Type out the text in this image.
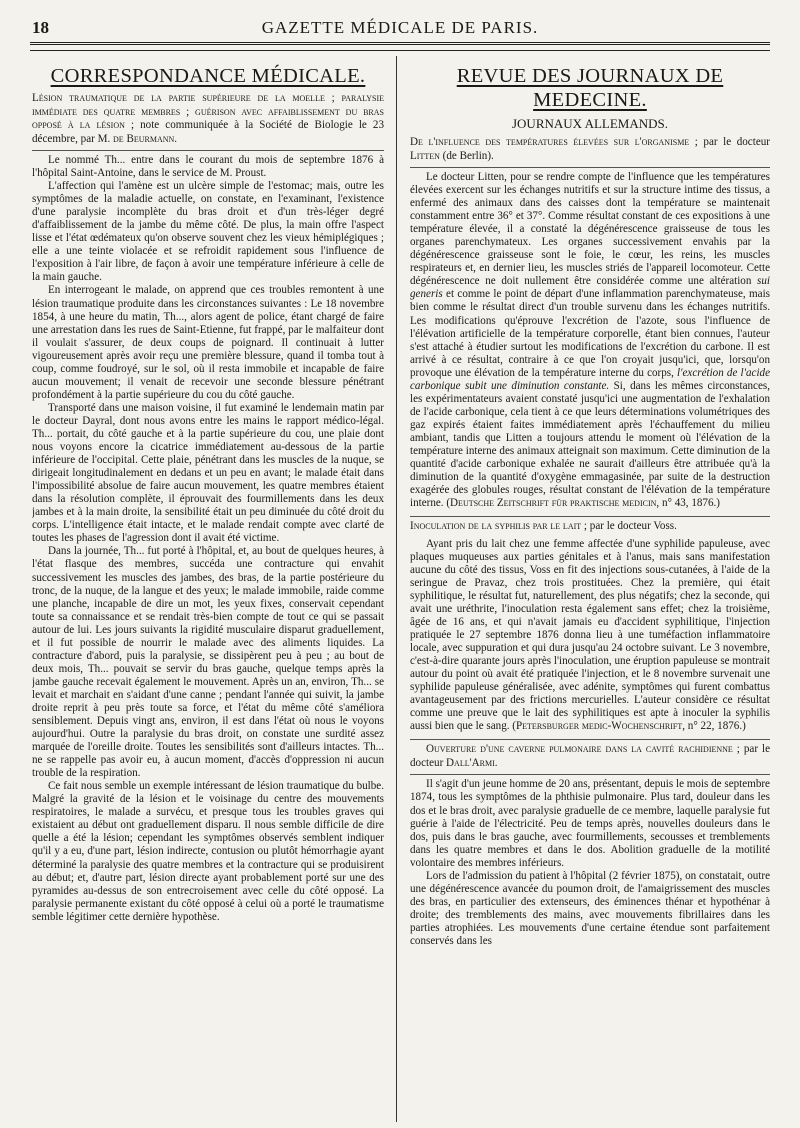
18	GAZETTE MÉDICALE DE PARIS.
CORRESPONDANCE MÉDICALE.

Lésion traumatique de la partie supérieure de la moelle ; paralysie immédiate des quatre membres ; guérison avec affaiblissement du bras opposé à la lésion ; note communiquée à la Société de Biologie le 23 décembre, par M. de Beurmann.

Le nommé Th... entre dans le courant du mois de septembre 1876 à l'hôpital Saint-Antoine, dans le service de M. Proust.

L'affection qui l'amène est un ulcère simple de l'estomac; mais, outre les symptômes de la maladie actuelle, on constate, en l'examinant, l'existence d'une paralysie incomplète du bras droit et d'un très-léger degré d'affaiblissement de la jambe du même côté. De plus, la main offre l'aspect lisse et l'état œdémateux qu'on observe souvent chez les vieux hémiplégiques ; elle a une teinte violacée et se refroidit rapidement sous l'influence de l'exposition à l'air libre, de façon à avoir une température inférieure à celle de la main gauche.

En interrogeant le malade, on apprend que ces troubles remontent à une lésion traumatique produite dans les circonstances suivantes : Le 18 novembre 1854, à une heure du matin, Th..., alors agent de police, étant chargé de faire une arrestation dans les rues de Saint-Etienne, fut frappé, par le malfaiteur dont il voulait s'assurer, de deux coups de poignard. Il continuait à lutter vigoureusement après avoir reçu une première blessure, quand il tomba tout à coup, comme foudroyé, sur le sol, où il resta immobile et incapable de faire aucun mouvement; il venait de recevoir une seconde blessure pénétrant profondément à la partie supérieure du cou du côté gauche.

Transporté dans une maison voisine, il fut examiné le lendemain matin par le docteur Dayral, dont nous avons entre les mains le rapport médico-légal. Th... portait, du côté gauche et à la partie supérieure du cou, une plaie dont nous voyons encore la cicatrice immédiatement au-dessous de la partie inférieure de l'occipital. Cette plaie, pénétrant dans les muscles de la nuque, se dirigeait longitudinalement en dedans et un peu en avant; le malade était dans l'impossibilité absolue de faire aucun mouvement, les quatre membres étaient dans la résolution complète, il éprouvait des fourmillements dans les deux jambes et à la main droite, la sensibilité était un peu diminuée du côté droit du corps. L'intelligence était intacte, et le malade rendait compte avec clarté de toutes les phases de l'agression dont il avait été victime.

Dans la journée, Th... fut porté à l'hôpital, et, au bout de quelques heures, à l'état flasque des membres, succéda une contracture qui envahit successivement les muscles des jambes, des bras, de la partie postérieure du tronc, de la nuque, de la langue et des yeux; le malade immobile, raide comme une planche, incapable de dire un mot, les yeux fixes, conservait cependant toute sa connaissance et se rendait très-bien compte de tout ce qui se passait autour de lui. Les jours suivants la rigidité musculaire disparut graduellement, et il fut possible de nourrir le malade avec des aliments liquides. La contracture d'abord, puis la paralysie, se dissipèrent peu à peu ; au bout de deux mois, Th... pouvait se servir du bras gauche, quelque temps après la jambe gauche recevait également le mouvement. Après un an, environ, Th... se levait et marchait en s'aidant d'une canne ; pendant l'année qui suivit, la jambe droite reprit à peu près toute sa force, et l'état du même côté s'améliora sensiblement. Depuis vingt ans, environ, il est dans l'état où nous le voyons aujourd'hui. Outre la paralysie du bras droit, on constate une surdité assez marquée de l'oreille droite. Toutes les sensibilités sont d'ailleurs intactes. Th... ne se rappelle pas avoir eu, à aucun moment, d'accès d'oppression ni aucun trouble de la respiration.

Ce fait nous semble un exemple intéressant de lésion traumatique du bulbe. Malgré la gravité de la lésion et le voisinage du centre des mouvements respiratoires, le malade a survécu, et presque tous les troubles graves qui existaient au début ont graduellement disparu. Il nous semble difficile de dire quelle a été la lésion; cependant les symptômes observés semblent indiquer qu'il y a eu, d'une part, lésion indirecte, contusion ou plutôt hémorrhagie ayant déterminé la paralysie des quatre membres et la contracture qui se produisirent au début; et, d'autre part, lésion directe ayant probablement porté sur une des pyramides au-dessus de son entrecroisement avec celle du côté opposé. La paralysie permanente existant du côté opposé à celui où a porté le traumatisme semble légitimer cette dernière hypothèse.

REVUE DES JOURNAUX DE MEDECINE.
JOURNAUX ALLEMANDS.

De l'influence des températures élevées sur l'organisme ; par le docteur Litten (de Berlin).

Le docteur Litten, pour se rendre compte de l'influence que les températures élevées exercent sur les échanges nutritifs et sur la structure intime des tissus, a enfermé des animaux dans des caisses dont la température se maintenait constamment entre 36° et 37°. Comme résultat constant de ces expositions à une température élevée, il a constaté la dégénérescence graisseuse de tous les organes parenchymateux. Les organes successivement envahis par la dégénérescence graisseuse sont le foie, le cœur, les reins, les muscles respirateurs et, en dernier lieu, les muscles striés de l'appareil locomoteur. Cette dégénérescence ne doit nullement être considérée comme une altération sui generis et comme le point de départ d'une inflammation parenchymateuse, mais bien comme le résultat direct d'un trouble survenu dans les échanges nutritifs. Les modifications qu'éprouve l'excrétion de l'azote, sous l'influence de l'élévation artificielle de la température corporelle, étant bien connues, l'auteur s'est attaché à étudier surtout les modifications de l'excrétion du carbone. Il est arrivé à ce résultat, contraire à ce que l'on croyait jusqu'ici, que, lorsqu'on provoque une élévation de la température interne du corps, l'excrétion de l'acide carbonique subit une diminution constante. Si, dans les mêmes circonstances, les expérimentateurs avaient constaté jusqu'ici une augmentation de l'exhalation de l'acide carbonique, cela tient à ce que leurs déterminations volumétriques des gaz expirés étaient faites immédiatement après l'échauffement du milieu ambiant, tandis que Litten a toujours attendu le moment où l'élévation de la température interne des animaux atteignait son maximum. Cette diminution de la quantité d'acide carbonique exhalée ne saurait d'ailleurs être attribuée qu'à la diminution de la quantité d'oxygène emmagasinée, par suite de la destruction exagérée des globules rouges, résultat constant de l'élévation de la température interne. (Deutsche Zeitschrift für praktische medicin, n° 43, 1876.)

Inoculation de la syphilis par le lait ; par le docteur Voss.

Ayant pris du lait chez une femme affectée d'une syphilide papuleuse, avec plaques muqueuses aux parties génitales et à l'anus, mais sans manifestation aucune du côté des tissus, Voss en fit des injections sous-cutanées, à l'aide de la seringue de Pravaz, chez trois prostituées. Chez la première, qui était syphilitique, le résultat fut, naturellement, des plus négatifs; chez la seconde, qui avait une uréthrite, l'inoculation resta également sans effet; chez la troisième, âgée de 16 ans, et qui n'avait jamais eu d'accident syphilitique, l'injection pratiquée le 27 septembre 1876 donna lieu à une tuméfaction inflammatoire locale, avec suppuration et qui dura jusqu'au 24 octobre suivant. Le 3 novembre, c'est-à-dire quarante jours après l'inoculation, une éruption papuleuse se montrait autour du point où avait été pratiquée l'injection, et le 8 novembre survenait une syphilide papuleuse généralisée, avec adénite, symptômes qui furent combattus avantageusement par des frictions mercurielles. L'auteur considère ce résultat comme une preuve que le lait des syphilitiques est apte à inoculer la syphilis aussi bien que le sang. (Petersburger medic-Wochenschrift, n° 22, 1876.)

Ouverture d'une caverne pulmonaire dans la cavité rachidienne ; par le docteur Dall'Armi.

Il s'agit d'un jeune homme de 20 ans, présentant, depuis le mois de septembre 1874, tous les symptômes de la phthisie pulmonaire. Plus tard, douleur dans les dos et le bras droit, avec paralysie graduelle de ce membre, laquelle paralysie fut guérie à l'aide de l'électricité. Peu de temps après, nouvelles douleurs dans le dos, puis dans le bras gauche, avec fourmillements, secousses et tremblements dans les quatre membres et dans le dos. Abolition graduelle de la motilité volontaire des membres inférieurs.

Lors de l'admission du patient à l'hôpital (2 février 1875), on constatait, outre une dégénérescence avancée du poumon droit, de l'amaigrissement des muscles des bras, en particulier des extenseurs, des éminences thénar et hypothénar à droite; des tremblements des mains, avec mouvements fibrillaires dans les parties atrophiées. Les mouvements d'une certaine étendue sont parfaitement conservés dans les
